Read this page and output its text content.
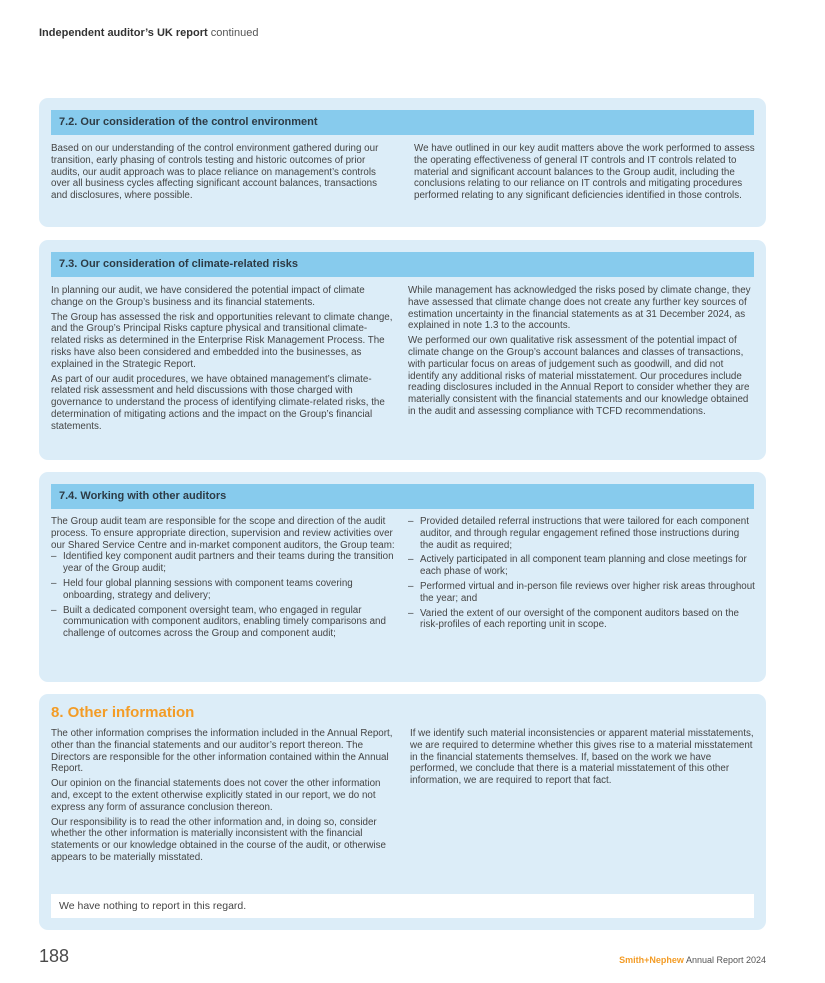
Independent auditor’s UK report continued
7.2. Our consideration of the control environment

Based on our understanding of the control environment gathered during our transition, early phasing of controls testing and historic outcomes of prior audits, our audit approach was to place reliance on management’s controls over all business cycles affecting significant account balances, transactions and disclosures, where possible.

We have outlined in our key audit matters above the work performed to assess the operating effectiveness of general IT controls and IT controls related to material and significant account balances to the Group audit, including the conclusions relating to our reliance on IT controls and mitigating procedures performed relating to any significant deficiencies identified in those controls.

7.3. Our consideration of climate-related risks

In planning our audit, we have considered the potential impact of climate change on the Group’s business and its financial statements.

The Group has assessed the risk and opportunities relevant to climate change, and the Group’s Principal Risks capture physical and transitional climate-related risks as determined in the Enterprise Risk Management Process. The risks have also been considered and embedded into the businesses, as explained in the Strategic Report.

As part of our audit procedures, we have obtained management’s climate-related risk assessment and held discussions with those charged with governance to understand the process of identifying climate-related risks, the determination of mitigating actions and the impact on the Group’s financial statements.

While management has acknowledged the risks posed by climate change, they have assessed that climate change does not create any further key sources of estimation uncertainty in the financial statements as at 31 December 2024, as explained in note 1.3 to the accounts.

We performed our own qualitative risk assessment of the potential impact of climate change on the Group’s account balances and classes of transactions, with particular focus on areas of judgement such as goodwill, and did not identify any additional risks of material misstatement. Our procedures include reading disclosures included in the Annual Report to consider whether they are materially consistent with the financial statements and our knowledge obtained in the audit and assessing compliance with TCFD recommendations.

7.4. Working with other auditors

The Group audit team are responsible for the scope and direction of the audit process. To ensure appropriate direction, supervision and review activities over our Shared Service Centre and in-market component auditors, the Group team:

– Identified key component audit partners and their teams during the transition year of the Group audit;
– Held four global planning sessions with component teams covering onboarding, strategy and delivery;
– Built a dedicated component oversight team, who engaged in regular communication with component auditors, enabling timely comparisons and challenge of outcomes across the Group and component audit;
– Provided detailed referral instructions that were tailored for each component auditor, and through regular engagement refined those instructions during the audit as required;
– Actively participated in all component team planning and close meetings for each phase of work;
– Performed virtual and in-person file reviews over higher risk areas throughout the year; and
– Varied the extent of our oversight of the component auditors based on the risk-profiles of each reporting unit in scope.
8. Other information

The other information comprises the information included in the Annual Report, other than the financial statements and our auditor’s report thereon. The Directors are responsible for the other information contained within the Annual Report.

Our opinion on the financial statements does not cover the other information and, except to the extent otherwise explicitly stated in our report, we do not express any form of assurance conclusion thereon.

Our responsibility is to read the other information and, in doing so, consider whether the other information is materially inconsistent with the financial statements or our knowledge obtained in the course of the audit, or otherwise appears to be materially misstated.

If we identify such material inconsistencies or apparent material misstatements, we are required to determine whether this gives rise to a material misstatement in the financial statements themselves. If, based on the work we have performed, we conclude that there is a material misstatement of this other information, we are required to report that fact.

We have nothing to report in this regard.
188	Smith+Nephew Annual Report 2024
